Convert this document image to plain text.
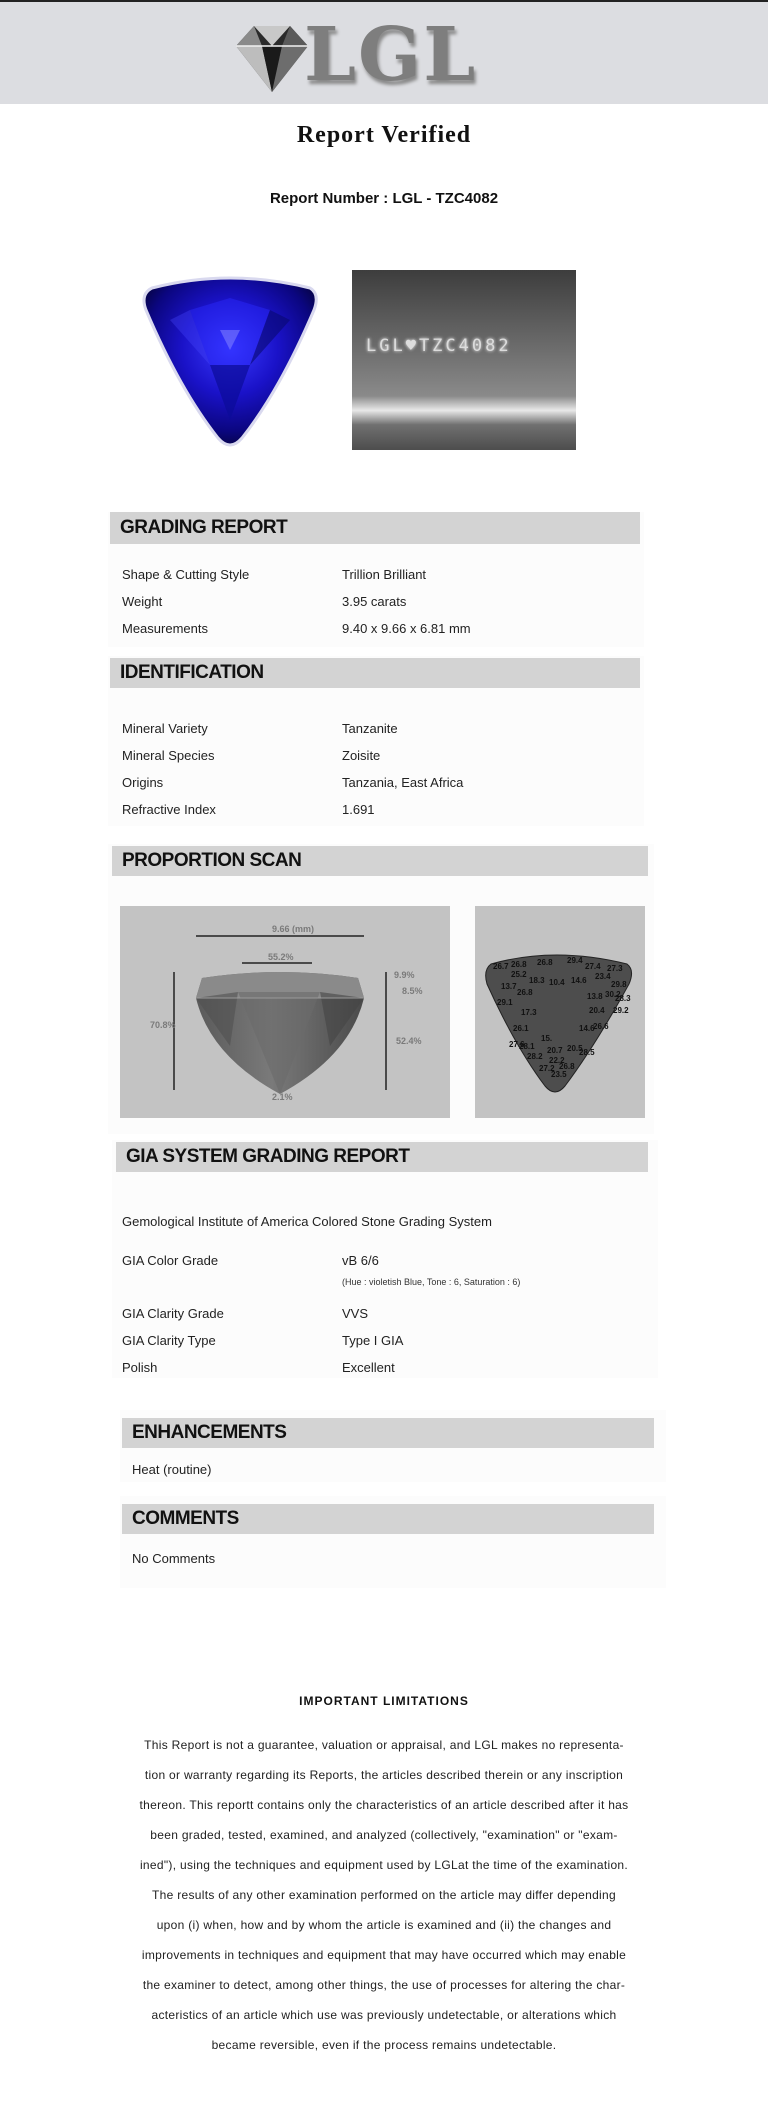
LGL
Report Verified
Report Number : LGL - TZC4082
LGL♥TZC4082
GRADING REPORT
Shape & Cutting Style	Trillion Brilliant
Weight	3.95 carats
Measurements	9.40 x 9.66 x 6.81 mm
IDENTIFICATION
Mineral Variety	Tanzanite
Mineral Species	Zoisite
Origins	Tanzania, East Africa
Refractive Index	1.691
PROPORTION SCAN
9.66 (mm)
55.2%
9.9%
8.5%
70.8%
52.4%
2.1%
26.7 26.8 26.8 29.4
27.4 27.3
25.2
18.3 10.4 14.6 23.4
29.8
13.7
26.8	30.2
13.8 28.3
29.1
17.3	20.4 29.2
26.1	14.6
26.6
15.
27.6
28.1 20.7 20.5
28.5
28.2 22.2
27.2 26.8
23.5
GIA SYSTEM GRADING REPORT
Gemological Institute of America Colored Stone Grading System
GIA Color Grade	vB 6/6
(Hue : violetish Blue, Tone : 6, Saturation : 6)
GIA Clarity Grade	VVS
GIA Clarity Type	Type I GIA
Polish	Excellent
ENHANCEMENTS
Heat (routine)
COMMENTS
No Comments
IMPORTANT LIMITATIONS
This Report is not a guarantee, valuation or appraisal, and LGL makes no representa-
tion or warranty regarding its Reports, the articles described therein or any inscription
thereon. This reportt contains only the characteristics of an article described after it has
been graded, tested, examined, and analyzed (collectively, "examination" or "exam-
ined"), using the techniques and equipment used by LGLat the time of the examination.
The results of any other examination performed on the article may differ depending
upon (i) when, how and by whom the article is examined and (ii) the changes and
improvements in techniques and equipment that may have occurred which may enable
the examiner to detect, among other things, the use of processes for altering the char-
acteristics of an article which use was previously undetectable, or alterations which
became reversible, even if the process remains undetectable.
